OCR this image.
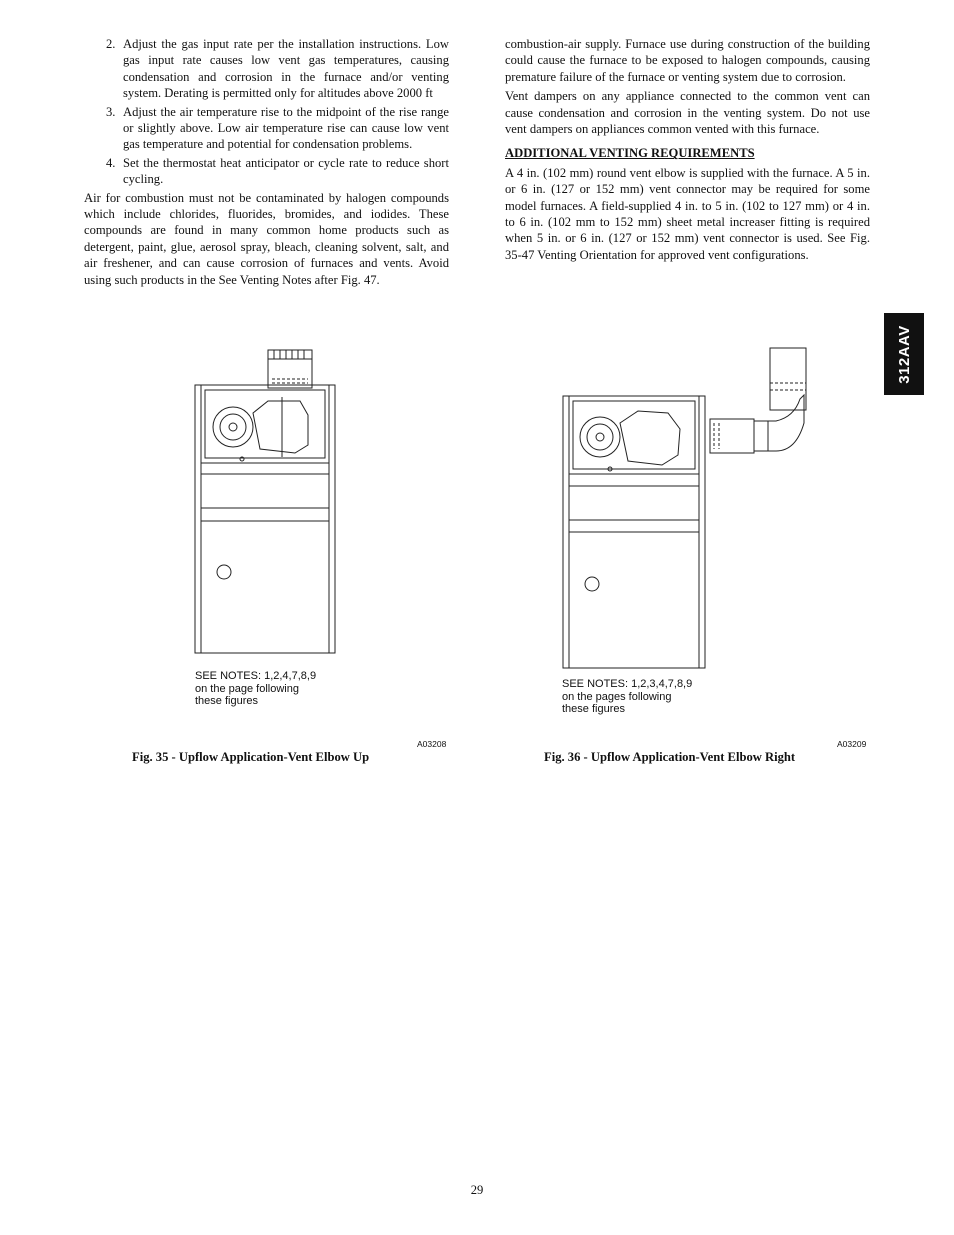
2. Adjust the gas input rate per the installation instructions. Low gas input rate causes low vent gas temperatures, causing condensation and corrosion in the furnace and/or venting system. Derating is permitted only for altitudes above 2000 ft
3. Adjust the air temperature rise to the midpoint of the rise range or slightly above. Low air temperature rise can cause low vent gas temperature and potential for condensation problems.
4. Set the thermostat heat anticipator or cycle rate to reduce short cycling.

Air for combustion must not be contaminated by halogen compounds which include chlorides, fluorides, bromides, and iodides. These compounds are found in many common home products such as detergent, paint, glue, aerosol spray, bleach, cleaning solvent, salt, and air freshener, and can cause corrosion of furnaces and vents. Avoid using such products in the See Venting Notes after Fig. 47.

combustion‑air supply. Furnace use during construction of the building could cause the furnace to be exposed to halogen compounds, causing premature failure of the furnace or venting system due to corrosion.

Vent dampers on any appliance connected to the common vent can cause condensation and corrosion in the venting system. Do not use vent dampers on appliances common vented with this furnace.

ADDITIONAL VENTING REQUIREMENTS

A 4 in. (102 mm) round vent elbow is supplied with the furnace. A 5 in. or 6 in. (127 or 152 mm) vent connector may be required for some model furnaces. A field‑supplied 4 in. to 5 in. (102 to 127 mm) or 4 in. to 6 in. (102 mm to 152 mm) sheet metal increaser fitting is required when 5 in. or 6 in. (127 or 152 mm) vent connector is used. See Fig. 35‑47 Venting Orientation for approved vent configurations.

312AAV
SEE NOTES: 1,2,4,7,8,9
on the page following
these figures
A03208
Fig. 35 ‑ Upflow Application‑Vent Elbow Up
SEE NOTES: 1,2,3,4,7,8,9
on the pages following
these figures
A03209
Fig. 36 ‑ Upflow Application‑Vent Elbow Right
29
